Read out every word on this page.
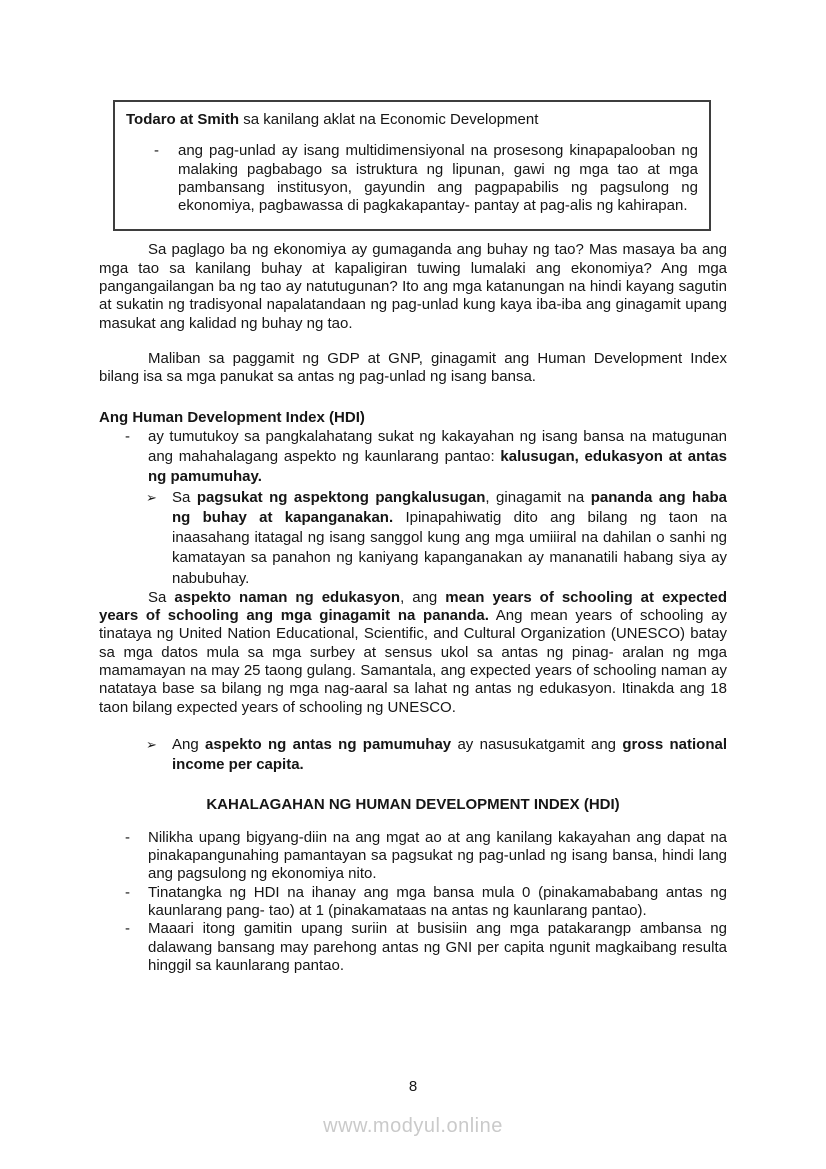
Todaro at Smith sa kanilang aklat na Economic Development

- ang pag-unlad ay isang multidimensiyonal na prosesong kinapapalooban ng malaking pagbabago sa istruktura ng lipunan, gawi ng mga tao at mga pambansang institusyon, gayundin ang pagpapabilis ng pagsulong ng ekonomiya, pagbawassa di pagkakapantay- pantay at pag-alis ng kahirapan.

Sa paglago ba ng ekonomiya ay gumaganda ang buhay ng tao? Mas masaya ba ang mga tao sa kanilang buhay at kapaligiran tuwing lumalaki ang ekonomiya? Ang mga pangangailangan ba ng tao ay natutugunan? Ito ang mga katanungan na hindi kayang sagutin at sukatin ng tradisyonal napalatandaan ng pag-unlad kung kaya iba-iba ang ginagamit upang masukat ang kalidad ng buhay ng tao.

Maliban sa paggamit ng GDP at GNP, ginagamit ang Human Development Index bilang isa sa mga panukat sa antas ng pag-unlad ng isang bansa.

Ang Human Development Index (HDI)
- ay tumutukoy sa pangkalahatang sukat ng kakayahan ng isang bansa na matugunan ang mahahalagang aspekto ng kaunlarang pantao: kalusugan, edukasyon at antas ng pamumuhay.
➢ Sa pagsukat ng aspektong pangkalusugan, ginagamit na pananda ang haba ng buhay at kapanganakan. Ipinapahiwatig dito ang bilang ng taon na inaasahang itatagal ng isang sanggol kung ang mga umiiiral na dahilan o sanhi ng kamatayan sa panahon ng kaniyang kapanganakan ay mananatili habang siya ay nabubuhay.

Sa aspekto naman ng edukasyon, ang mean years of schooling at expected years of schooling ang mga ginagamit na pananda. Ang mean years of schooling ay tinataya ng United Nation Educational, Scientific, and Cultural Organization (UNESCO) batay sa mga datos mula sa mga surbey at sensus ukol sa antas ng pinag- aralan ng mga mamamayan na may 25 taong gulang. Samantala, ang expected years of schooling naman ay natataya base sa bilang ng mga nag-aaral sa lahat ng antas ng edukasyon. Itinakda ang 18 taon bilang expected years of schooling ng UNESCO.

➢ Ang aspekto ng antas ng pamumuhay ay nasusukatgamit ang gross national income per capita.
KAHALAGAHAN NG HUMAN DEVELOPMENT INDEX (HDI)
- Nilikha upang bigyang-diin na ang mgat ao at ang kanilang kakayahan ang dapat na pinakapangunahing pamantayan sa pagsukat ng pag-unlad ng isang bansa, hindi lang ang pagsulong ng ekonomiya nito.
- Tinatangka ng HDI na ihanay ang mga bansa mula 0 (pinakamababang antas ng kaunlarang pang- tao) at 1 (pinakamataas na antas ng kaunlarang pantao).
- Maaari itong gamitin upang suriin at busisiin ang mga patakarangp ambansa ng dalawang bansang may parehong antas ng GNI per capita ngunit magkaibang resulta hinggil sa kaunlarang pantao.
8
www.modyul.online
